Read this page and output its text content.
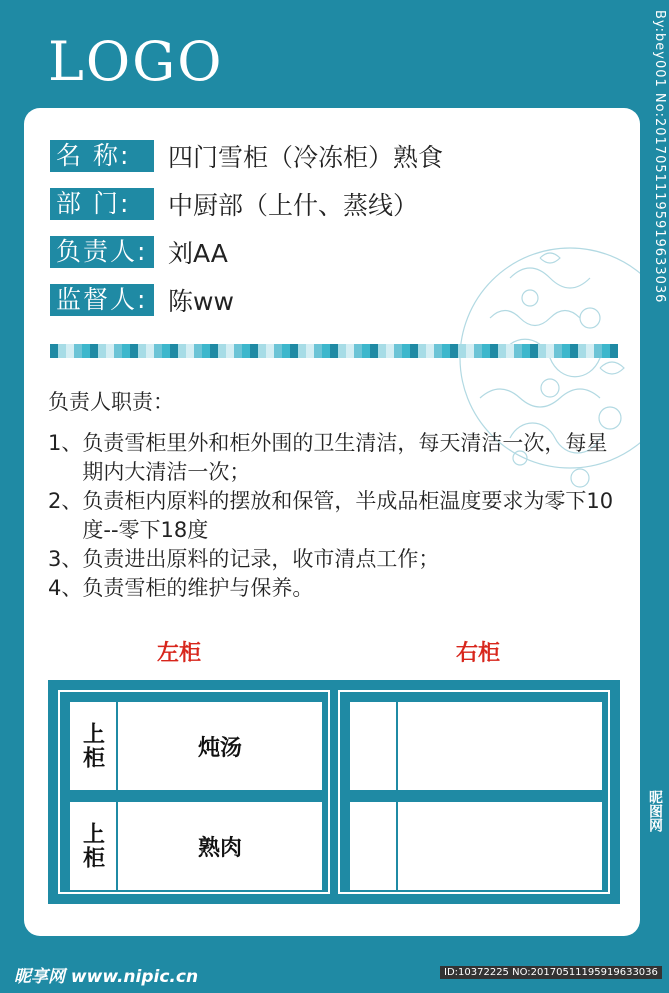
LOGO	By:bey001 No:20170511195919633036
昵图网
名 称:	四门雪柜（冷冻柜）熟食
部 门:	中厨部（上什、蒸线）
负责人: 刘AA
监督人: 陈ww
负责人职责：
1、 负责雪柜里外和柜外围的卫生清洁，每天清洁一次，每星期内大清洁一次；
2、 负责柜内原料的摆放和保管，半成品柜温度要求为零下10度--零下18度
3、 负责进出原料的记录，收市清点工作；
4、 负责雪柜的维护与保养。
左柜	右柜
上柜	炖汤
上柜	熟肉
昵享网 www.nipic.cn	ID:10372225 NO:20170511195919633036
